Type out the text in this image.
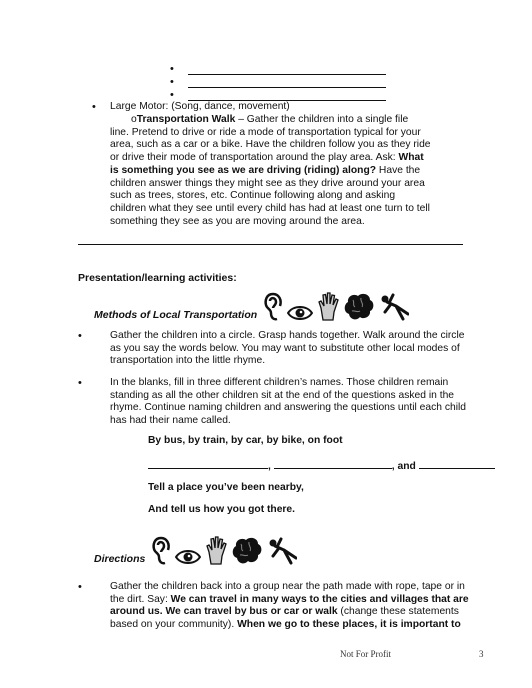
•
•
•
• Large Motor: (Song, dance, movement)
oTransportation Walk – Gather the children into a single file
line. Pretend to drive or ride a mode of transportation typical for your
area, such as a car or a bike. Have the children follow you as they ride
or drive their mode of transportation around the play area. Ask: What
is something you see as we are driving (riding) along? Have the
children answer things they might see as they drive around your area
such as trees, stores, etc. Continue following along and asking
children what they see until every child has had at least one turn to tell
something they see as you are moving around the area.
Presentation/learning activities:
Methods of Local Transportation
•	Gather the children into a circle. Grasp hands together. Walk around the circle
as you say the words below. You may want to substitute other local modes of
transportation into the little rhyme.
•	In the blanks, fill in three different children’s names. Those children remain
standing as all the other children sit at the end of the questions asked in the
rhyme. Continue naming children and answering the questions until each child
has had their name called.
By bus, by train, by car, by bike, on foot
,	, and
Tell a place you’ve been nearby,
And tell us how you got there.
Directions
•	Gather the children back into a group near the path made with rope, tape or in
the dirt. Say: We can travel in many ways to the cities and villages that are
around us. We can travel by bus or car or walk (change these statements
based on your community). When we go to these places, it is important to
Not For Profit	3
